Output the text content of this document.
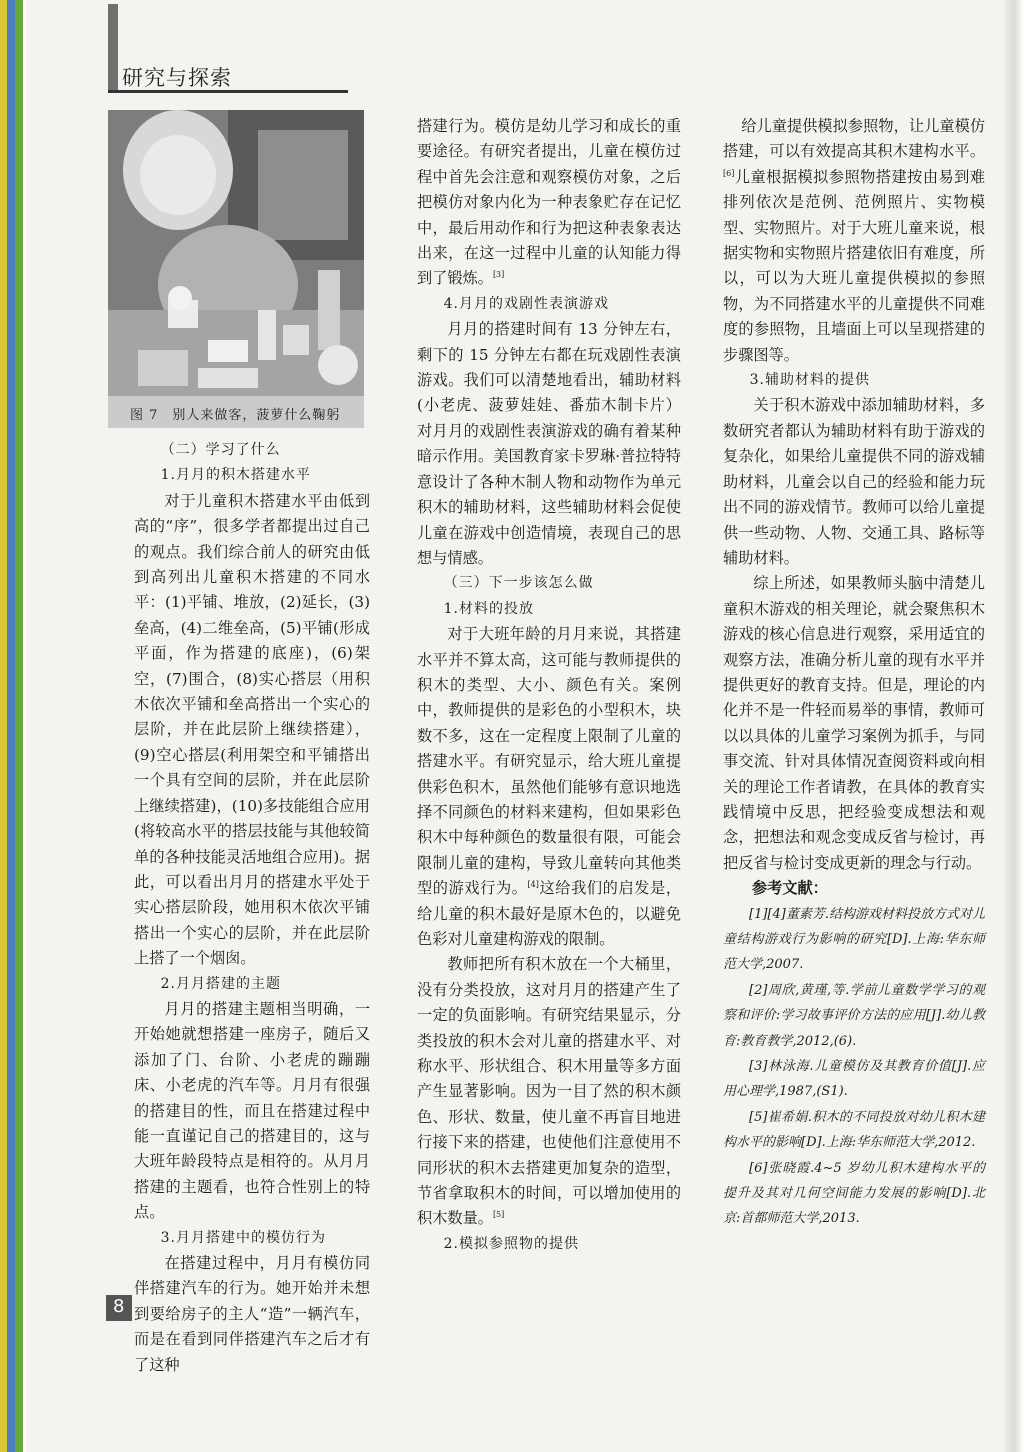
研究与探索
图 7　别人来做客，菠萝什么鞠躬

（二）学习了什么

1.月月的积木搭建水平

对于儿童积木搭建水平由低到高的“序”，很多学者都提出过自己的观点。我们综合前人的研究由低到高列出儿童积木搭建的不同水平：(1)平铺、堆放，(2)延长，(3)垒高，(4)二维垒高，(5)平铺(形成平面，作为搭建的底座)，(6)架空，(7)围合，(8)实心搭层（用积木依次平铺和垒高搭出一个实心的层阶，并在此层阶上继续搭建），(9)空心搭层(利用架空和平铺搭出一个具有空间的层阶，并在此层阶上继续搭建)，(10)多技能组合应用(将较高水平的搭层技能与其他较简单的各种技能灵活地组合应用)。据此，可以看出月月的搭建水平处于实心搭层阶段，她用积木依次平铺搭出一个实心的层阶，并在此层阶上搭了一个烟囱。

2.月月搭建的主题

月月的搭建主题相当明确，一开始她就想搭建一座房子，随后又添加了门、台阶、小老虎的蹦蹦床、小老虎的汽车等。月月有很强的搭建目的性，而且在搭建过程中能一直谨记自己的搭建目的，这与大班年龄段特点是相符的。从月月搭建的主题看，也符合性别上的特点。

3.月月搭建中的模仿行为

在搭建过程中，月月有模仿同伴搭建汽车的行为。她开始并未想到要给房子的主人“造”一辆汽车，而是在看到同伴搭建汽车之后才有了这种

搭建行为。模仿是幼儿学习和成长的重要途径。有研究者提出，儿童在模仿过程中首先会注意和观察模仿对象，之后把模仿对象内化为一种表象贮存在记忆中，最后用动作和行为把这种表象表达出来，在这一过程中儿童的认知能力得到了锻炼。[3]

4.月月的戏剧性表演游戏

月月的搭建时间有 13 分钟左右，剩下的 15 分钟左右都在玩戏剧性表演游戏。我们可以清楚地看出，辅助材料(小老虎、菠萝娃娃、番茄木制卡片）对月月的戏剧性表演游戏的确有着某种暗示作用。美国教育家卡罗琳·普拉特特意设计了各种木制人物和动物作为单元积木的辅助材料，这些辅助材料会促使儿童在游戏中创造情境，表现自己的思想与情感。

（三）下一步该怎么做

1.材料的投放

对于大班年龄的月月来说，其搭建水平并不算太高，这可能与教师提供的积木的类型、大小、颜色有关。案例中，教师提供的是彩色的小型积木，块数不多，这在一定程度上限制了儿童的搭建水平。有研究显示，给大班儿童提供彩色积木，虽然他们能够有意识地选择不同颜色的材料来建构，但如果彩色积木中每种颜色的数量很有限，可能会限制儿童的建构，导致儿童转向其他类型的游戏行为。[4]这给我们的启发是，给儿童的积木最好是原木色的，以避免色彩对儿童建构游戏的限制。

教师把所有积木放在一个大桶里，没有分类投放，这对月月的搭建产生了一定的负面影响。有研究结果显示，分类投放的积木会对儿童的搭建水平、对称水平、形状组合、积木用量等多方面产生显著影响。因为一目了然的积木颜色、形状、数量，使儿童不再盲目地进行接下来的搭建，也使他们注意使用不同形状的积木去搭建更加复杂的造型，节省拿取积木的时间，可以增加使用的积木数量。[5]

2.模拟参照物的提供

给儿童提供模拟参照物，让儿童模仿搭建，可以有效提高其积木建构水平。[6]儿童根据模拟参照物搭建按由易到难排列依次是范例、范例照片、实物模型、实物照片。对于大班儿童来说，根据实物和实物照片搭建依旧有难度，所以，可以为大班儿童提供模拟的参照物，为不同搭建水平的儿童提供不同难度的参照物，且墙面上可以呈现搭建的步骤图等。

3.辅助材料的提供

关于积木游戏中添加辅助材料，多数研究者都认为辅助材料有助于游戏的复杂化，如果给儿童提供不同的游戏辅助材料，儿童会以自己的经验和能力玩出不同的游戏情节。教师可以给儿童提供一些动物、人物、交通工具、路标等辅助材料。

综上所述，如果教师头脑中清楚儿童积木游戏的相关理论，就会聚焦积木游戏的核心信息进行观察，采用适宜的观察方法，准确分析儿童的现有水平并提供更好的教育支持。但是，理论的内化并不是一件轻而易举的事情，教师可以以具体的儿童学习案例为抓手，与同事交流、针对具体情况查阅资料或向相关的理论工作者请教，在具体的教育实践情境中反思，把经验变成想法和观念，把想法和观念变成反省与检讨，再把反省与检讨变成更新的理念与行动。

参考文献：

[1][4]董素芳.结构游戏材料投放方式对儿童结构游戏行为影响的研究[D].上海:华东师范大学,2007.

[2]周欣,黄瑾,等.学前儿童数学学习的观察和评价:学习故事评价方法的应用[J].幼儿教育:教育教学,2012,(6).

[3]林泳海.儿童模仿及其教育价值[J].应用心理学,1987,(S1).

[5]崔希娟.积木的不同投放对幼儿积木建构水平的影响[D].上海:华东师范大学,2012.

[6]张晓霞.4~5 岁幼儿积木建构水平的提升及其对几何空间能力发展的影响[D].北京:首都师范大学,2013.

8
